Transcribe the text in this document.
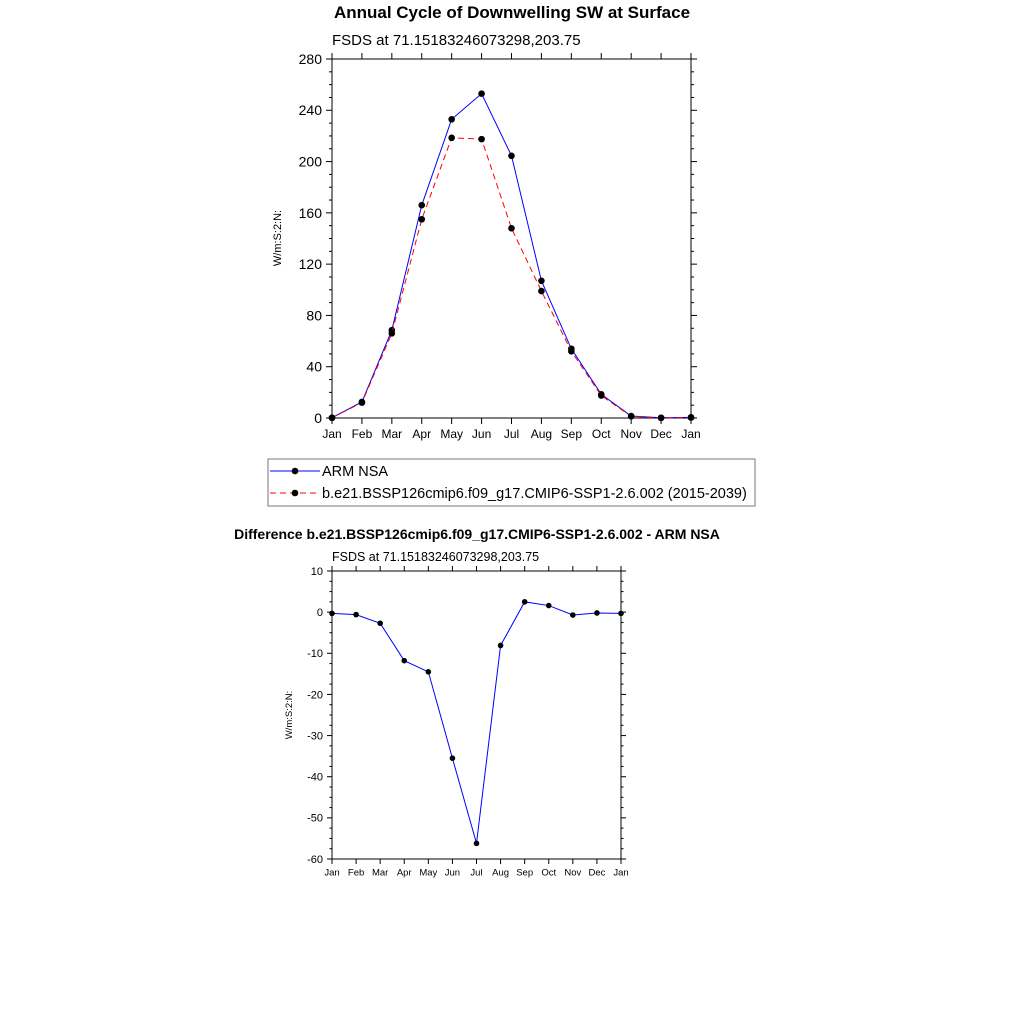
Annual Cycle of Downwelling SW at Surface
FSDS at 71.15183246073298,203.75
W/m:S:2:N:
0
40
80
120
160
200
240
280
Jan Feb Mar Apr May Jun Jul Aug Sep Oct Nov Dec Jan
ARM NSA
b.e21.BSSP126cmip6.f09_g17.CMIP6-SSP1-2.6.002 (2015-2039)
Difference b.e21.BSSP126cmip6.f09_g17.CMIP6-SSP1-2.6.002 - ARM NSA
FSDS at 71.15183246073298,203.75
W/m:S:2:N:
10
0
-10
-20
-30
-40
-50
-60
Jan Feb Mar Apr May Jun Jul Aug Sep Oct Nov Dec Jan
